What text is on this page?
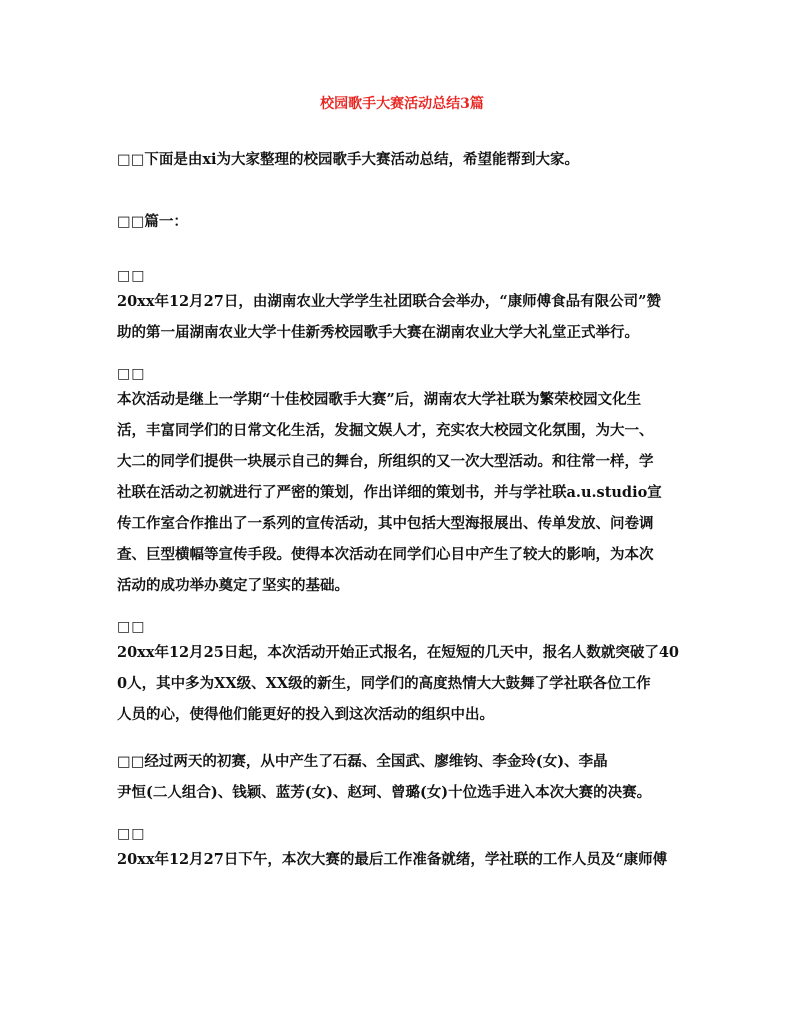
校园歌手大赛活动总结3篇

□□下面是由xi为大家整理的校园歌手大赛活动总结，希望能帮到大家。
□□篇一：

□□

20xx年12月27日，由湖南农业大学学生社团联合会举办，“康师傅食品有限公司”赞
助的第一届湖南农业大学十佳新秀校园歌手大赛在湖南农业大学大礼堂正式举行。

□□

本次活动是继上一学期“十佳校园歌手大赛”后，湖南农大学社联为繁荣校园文化生
活，丰富同学们的日常文化生活，发掘文娱人才，充实农大校园文化氛围，为大一、
大二的同学们提供一块展示自己的舞台，所组织的又一次大型活动。和往常一样，学
社联在活动之初就进行了严密的策划，作出详细的策划书，并与学社联a.u.studio宣
传工作室合作推出了一系列的宣传活动，其中包括大型海报展出、传单发放、问卷调
查、巨型横幅等宣传手段。使得本次活动在同学们心目中产生了较大的影响，为本次
活动的成功举办奠定了坚实的基础。

□□

20xx年12月25日起，本次活动开始正式报名，在短短的几天中，报名人数就突破了40
0人，其中多为XX级、XX级的新生，同学们的高度热情大大鼓舞了学社联各位工作
人员的心，使得他们能更好的投入到这次活动的组织中出。
□□经过两天的初赛，从中产生了石磊、全国武、廖维钧、李金玲(女)、李晶
尹恒(二人组合)、钱颖、蓝芳(女)、赵珂、曾璐(女)十位选手进入本次大赛的决赛。

□□

20xx年12月27日下午，本次大赛的最后工作准备就绪，学社联的工作人员及“康师傅
